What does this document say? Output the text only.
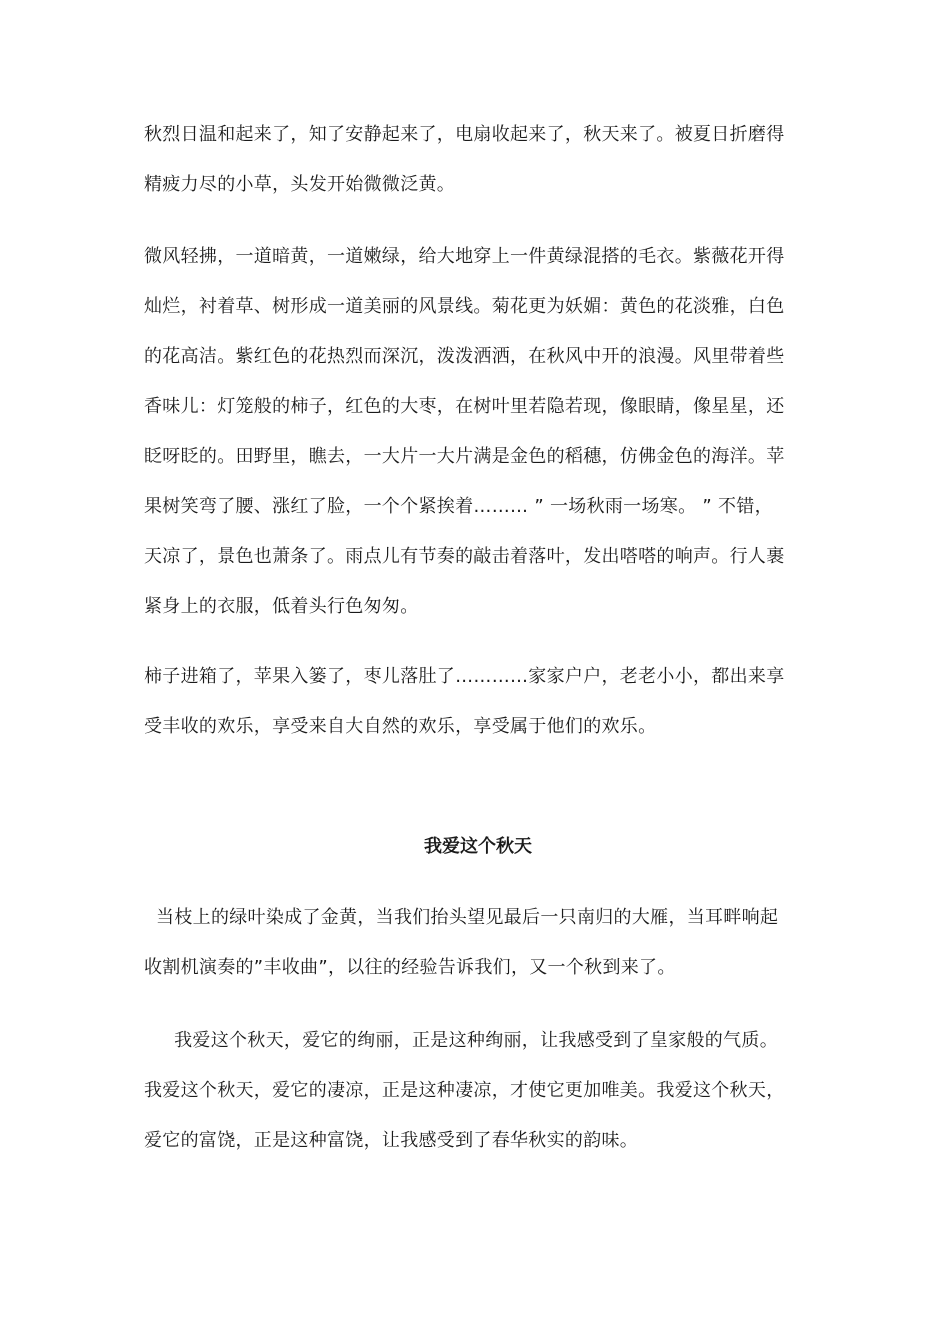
秋烈日温和起来了，知了安静起来了，电扇收起来了，秋天来了。被夏日折磨得
精疲力尽的小草，头发开始微微泛黄。
微风轻拂，一道暗黄，一道嫩绿，给大地穿上一件黄绿混搭的毛衣。紫薇花开得
灿烂，衬着草、树形成一道美丽的风景线。菊花更为妖媚：黄色的花淡雅，白色
的花高洁。紫红色的花热烈而深沉，泼泼洒洒，在秋风中开的浪漫。风里带着些
香味儿：灯笼般的柿子，红色的大枣，在树叶里若隐若现，像眼睛，像星星，还
眨呀眨的。田野里，瞧去，一大片一大片满是金色的稻穗，仿佛金色的海洋。苹
果树笑弯了腰、涨红了脸，一个个紧挨着……… ” 一场秋雨一场寒。 ” 不错，
天凉了，景色也萧条了。雨点儿有节奏的敲击着落叶，发出嗒嗒的响声。行人裹
紧身上的衣服，低着头行色匆匆。
柿子进箱了，苹果入篓了，枣儿落肚了…………家家户户，老老小小，都出来享
受丰收的欢乐，享受来自大自然的欢乐，享受属于他们的欢乐。
我爱这个秋天
当枝上的绿叶染成了金黄，当我们抬头望见最后一只南归的大雁，当耳畔响起
收割机演奏的”丰收曲”，以往的经验告诉我们，又一个秋到来了。
我爱这个秋天，爱它的绚丽，正是这种绚丽，让我感受到了皇家般的气质。
我爱这个秋天，爱它的凄凉，正是这种凄凉，才使它更加唯美。我爱这个秋天，
爱它的富饶，正是这种富饶，让我感受到了春华秋实的韵味。
